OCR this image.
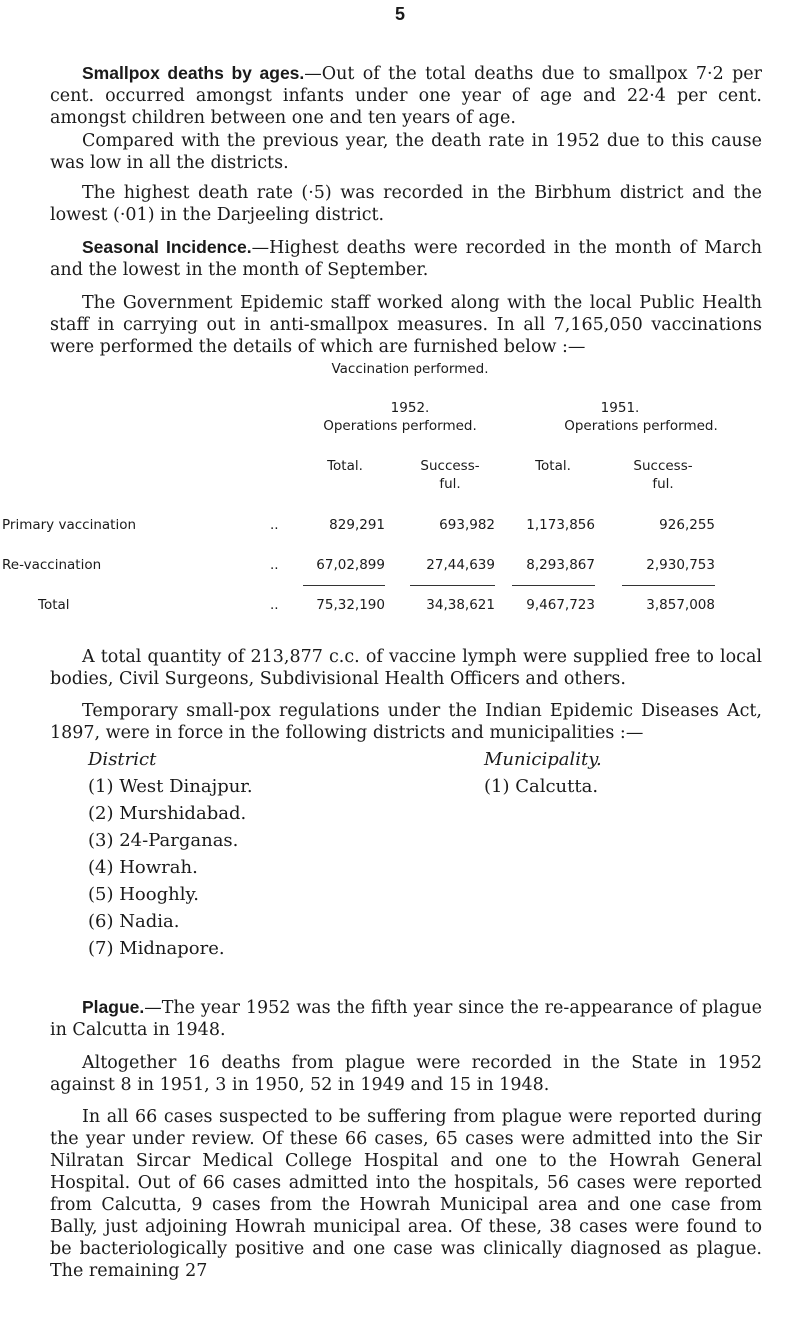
5
Smallpox deaths by ages.—Out of the total deaths due to smallpox 7·2 per cent. occurred amongst infants under one year of age and 22·4 per cent. amongst children between one and ten years of age.
Compared with the previous year, the death rate in 1952 due to this cause was low in all the districts.
The highest death rate (·5) was recorded in the Birbhum district and the lowest (·01) in the Darjeeling district.
Seasonal Incidence.—Highest deaths were recorded in the month of March and the lowest in the month of September.
The Government Epidemic staff worked along with the local Public Health staff in carrying out in anti-smallpox measures. In all 7,165,050 vaccinations were performed the details of which are furnished below :—
Vaccination performed.
1952.	1951.
Operations performed.	Operations performed.
Total.	Success-
ful.
Total.	Success-
ful.
Primary vaccination	..	829,291	693,982	1,173,856	926,255
Re-vaccination	..	67,02,899	27,44,639	8,293,867	2,930,753
Total	..	75,32,190	34,38,621	9,467,723	3,857,008
A total quantity of 213,877 c.c. of vaccine lymph were supplied free to local bodies, Civil Surgeons, Subdivisional Health Officers and others.
Temporary small-pox regulations under the Indian Epidemic Diseases Act, 1897, were in force in the following districts and municipalities :—
District	Municipality.
(1) West Dinajpur.
(2) Murshidabad.
(3) 24-Parganas.
(4) Howrah.
(5) Hooghly.
(6) Nadia.
(7) Midnapore.
(1) Calcutta.
Plague.—The year 1952 was the fifth year since the re-appearance of plague in Calcutta in 1948.
Altogether 16 deaths from plague were recorded in the State in 1952 against 8 in 1951, 3 in 1950, 52 in 1949 and 15 in 1948.
In all 66 cases suspected to be suffering from plague were reported during the year under review. Of these 66 cases, 65 cases were admitted into the Sir Nilratan Sircar Medical College Hospital and one to the Howrah General Hospital. Out of 66 cases admitted into the hospitals, 56 cases were reported from Calcutta, 9 cases from the Howrah Municipal area and one case from Bally, just adjoining Howrah municipal area. Of these, 38 cases were found to be bacteriologically positive and one case was clinically diagnosed as plague. The remaining 27
